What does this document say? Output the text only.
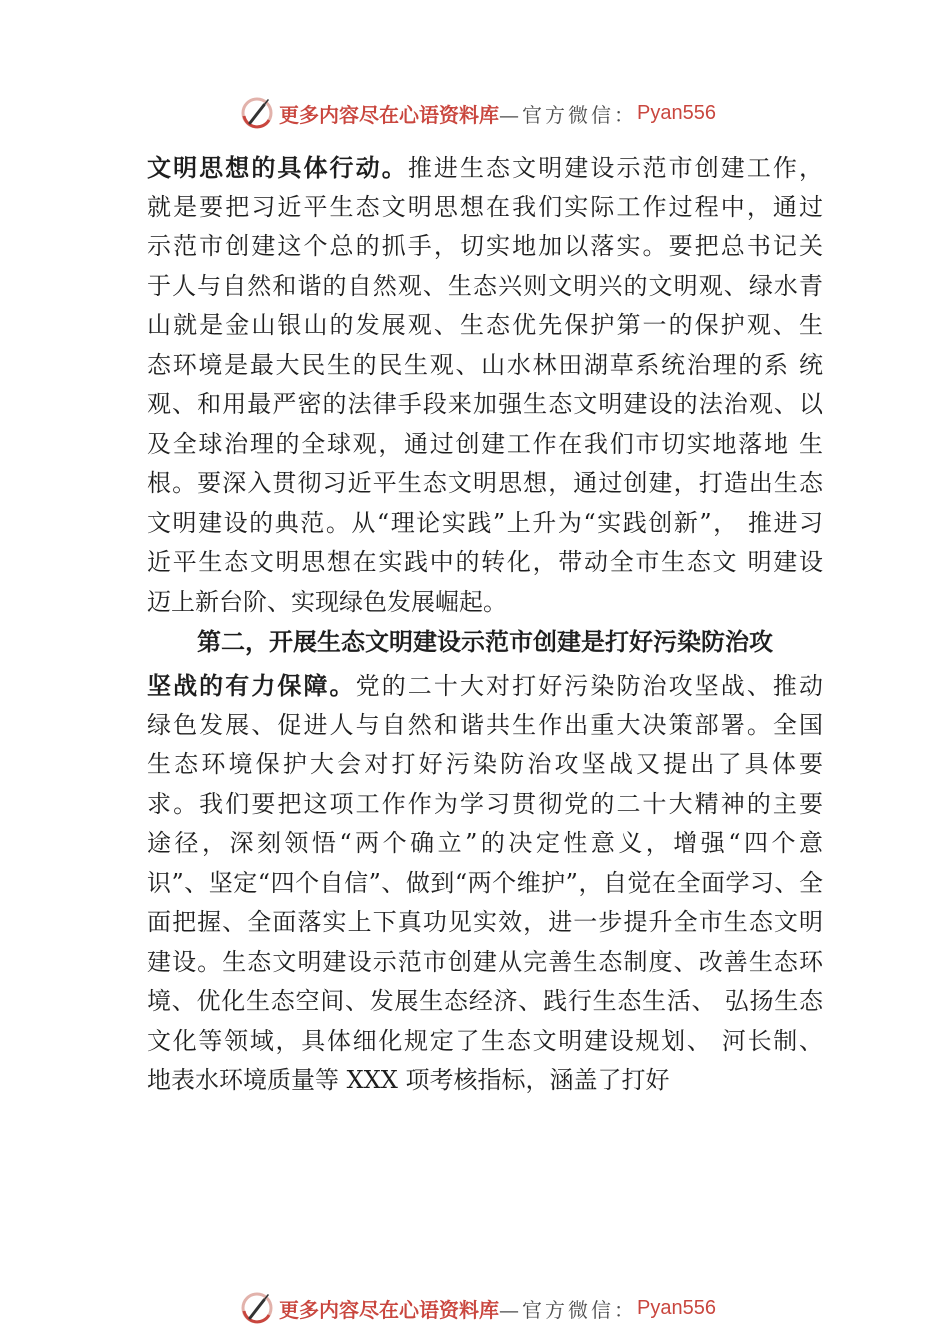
更多内容尽在心语资料库 —官方微信： Pyan556
文明思想的具体行动。推进生态文明建设示范市创建工作，
就是要把习近平生态文明思想在我们实际工作过程中，通过
示范市创建这个总的抓手，切实地加以落实。要把总书记关
于人与自然和谐的自然观、生态兴则文明兴的文明观、绿水青
山就是金山银山的发展观、生态优先保护第一的保护观、生
态环境是最大民生的民生观、山水林田湖草系统治理的系 统
观、和用最严密的法律手段来加强生态文明建设的法治观、以
及全球治理的全球观，通过创建工作在我们市切实地落地 生
根。要深入贯彻习近平生态文明思想，通过创建，打造出生态
文明建设的典范。从“理论实践”上升为“实践创新”， 推进习
近平生态文明思想在实践中的转化，带动全市生态文 明建设
迈上新台阶、实现绿色发展崛起。
第二，开展生态文明建设示范市创建是打好污染防治攻
坚战的有力保障。党的二十大对打好污染防治攻坚战、推动
绿色发展、促进人与自然和谐共生作出重大决策部署。全国
生态环境保护大会对打好污染防治攻坚战又提出了具体要
求。我们要把这项工作作为学习贯彻党的二十大精神的主要
途径，深刻领悟“两个确立”的决定性意义，增强“四个意
识”、坚定“四个自信”、做到“两个维护”，自觉在全面学习、全
面把握、全面落实上下真功见实效，进一步提升全市生态文明
建设。生态文明建设示范市创建从完善生态制度、改善生态环
境、优化生态空间、发展生态经济、践行生态生活、 弘扬生态
文化等领域，具体细化规定了生态文明建设规划、 河长制、
地表水环境质量等 XXX 项考核指标，涵盖了打好
更多内容尽在心语资料库 —官方微信： Pyan556
